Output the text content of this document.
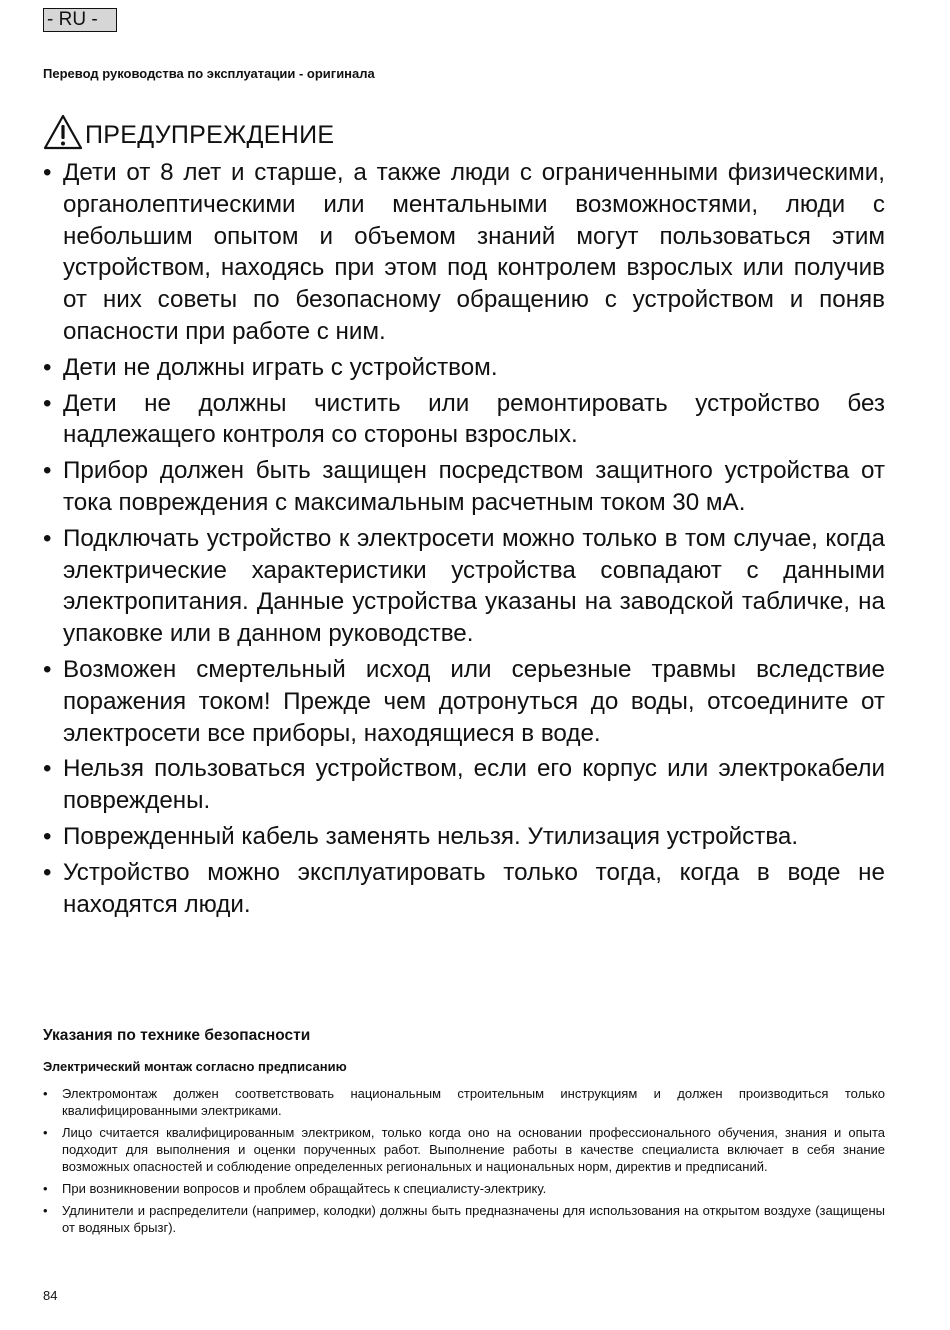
- RU -
Перевод руководства по эксплуатации - оригинала
ПРЕДУПРЕЖДЕНИЕ
• Дети от 8 лет и старше, а также люди с ограниченными физическими, органолептическими или ментальными возможностями, люди с небольшим опытом и объемом знаний могут пользоваться этим устройством, находясь при этом под контролем взрослых или получив от них советы по безопасному обращению с устройством и поняв опасности при работе с ним.
• Дети не должны играть с устройством.
• Дети не должны чистить или ремонтировать устройство без надлежащего контроля со стороны взрослых.
• Прибор должен быть защищен посредством защитного устройства от тока повреждения с максимальным расчетным током 30 мА.
• Подключать устройство к электросети можно только в том случае, когда электрические характеристики устройства совпадают с данными электропитания. Данные устройства указаны на заводской табличке, на упаковке или в данном руководстве.
• Возможен смертельный исход или серьезные травмы вследствие поражения током! Прежде чем дотронуться до воды, отсоедините от электросети все приборы, находящиеся в воде.
• Нельзя пользоваться устройством, если его корпус или электрокабели повреждены.
• Поврежденный кабель заменять нельзя. Утилизация устройства.
• Устройство можно эксплуатировать только тогда, когда в воде не находятся люди.
Указания по технике безопасности
Электрический монтаж согласно предписанию
• Электромонтаж должен соответствовать национальным строительным инструкциям и должен производиться только квалифицированными электриками.
• Лицо считается квалифицированным электриком, только когда оно на основании профессионального обучения, знания и опыта подходит для выполнения и оценки порученных работ. Выполнение работы в качестве специалиста включает в себя знание возможных опасностей и соблюдение определенных региональных и национальных норм, директив и предписаний.
• При возникновении вопросов и проблем обращайтесь к специалисту-электрику.
• Удлинители и распределители (например, колодки) должны быть предназначены для использования на открытом воздухе (защищены от водяных брызг).
84
